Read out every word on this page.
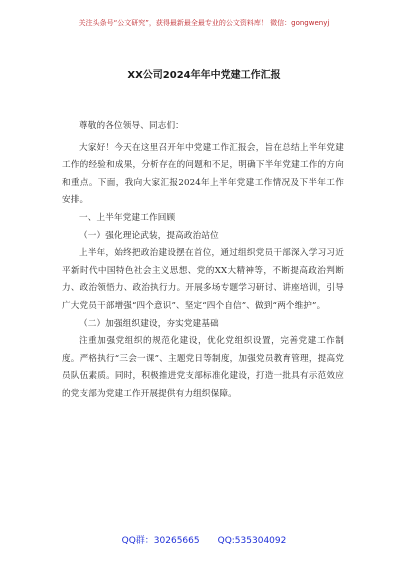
关注头条号“公文研究”，获得最新最全最专业的公文资料库！ 微信：gongwenyj
XX公司2024年年中党建工作汇报

尊敬的各位领导、同志们：

大家好！今天在这里召开年中党建工作汇报会，旨在总结上半年党建工作的经验和成果，分析存在的问题和不足，明确下半年党建工作的方向和重点。下面，我向大家汇报2024年上半年党建工作情况及下半年工作安排。

一、上半年党建工作回顾

（一）强化理论武装，提高政治站位

上半年，始终把政治建设摆在首位，通过组织党员干部深入学习习近平新时代中国特色社会主义思想、党的XX大精神等，不断提高政治判断力、政治领悟力、政治执行力。开展多场专题学习研讨、讲座培训，引导广大党员干部增强“四个意识”、坚定“四个自信”、做到“两个维护”。

（二）加强组织建设，夯实党建基础

注重加强党组织的规范化建设，优化党组织设置，完善党建工作制度。严格执行“三会一课”、主题党日等制度，加强党员教育管理，提高党员队伍素质。同时，积极推进党支部标准化建设，打造一批具有示范效应的党支部为党建工作开展提供有力组织保障。

QQ群：30265665 QQ:535304092
